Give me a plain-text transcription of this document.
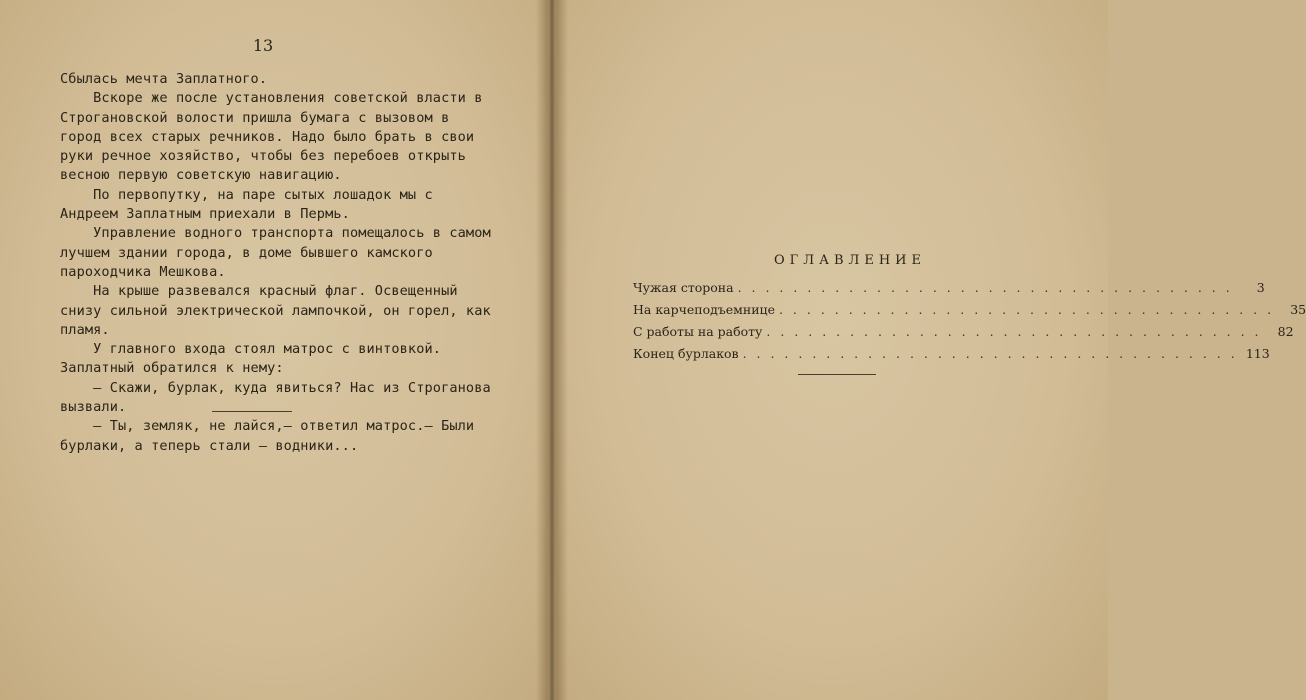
13

Сбылась мечта Заплатного.

Вскоре же после установления советской власти в Строгановской волости пришла бумага с вызовом в город всех старых речников. Надо было брать в свои руки речное хозяйство, чтобы без перебоев открыть весною первую советскую навигацию.

По первопутку, на паре сытых лошадок мы с Андреем Заплатным приехали в Пермь.

Управление водного транспорта помещалось в самом лучшем здании города, в доме бывшего камского пароходчика Мешкова.

На крыше развевался красный флаг. Освещенный снизу сильной электрической лампочкой, он горел, как пламя.

У главного входа стоял матрос с винтовкой. Заплатный обратился к нему:

— Скажи, бурлак, куда явиться? Нас из Строганова вызвали.

— Ты, земляк, не лайся,— ответил матрос.— Были бурлаки, а теперь стали — водники...

ОГЛАВЛЕНИЕ
Чужая сторона . . . . . . . . . . . . . . . . . . . . . . . . . . . . . . . . . . . .	3
На карчеподъемнице . . . . . . . . . . . . . . . . . . . . . . . . . . . . . . . . . . . .	35
С работы на работу . . . . . . . . . . . . . . . . . . . . . . . . . . . . . . . . . . . .	82
Конец бурлаков . . . . . . . . . . . . . . . . . . . . . . . . . . . . . . . . . . . . 113
